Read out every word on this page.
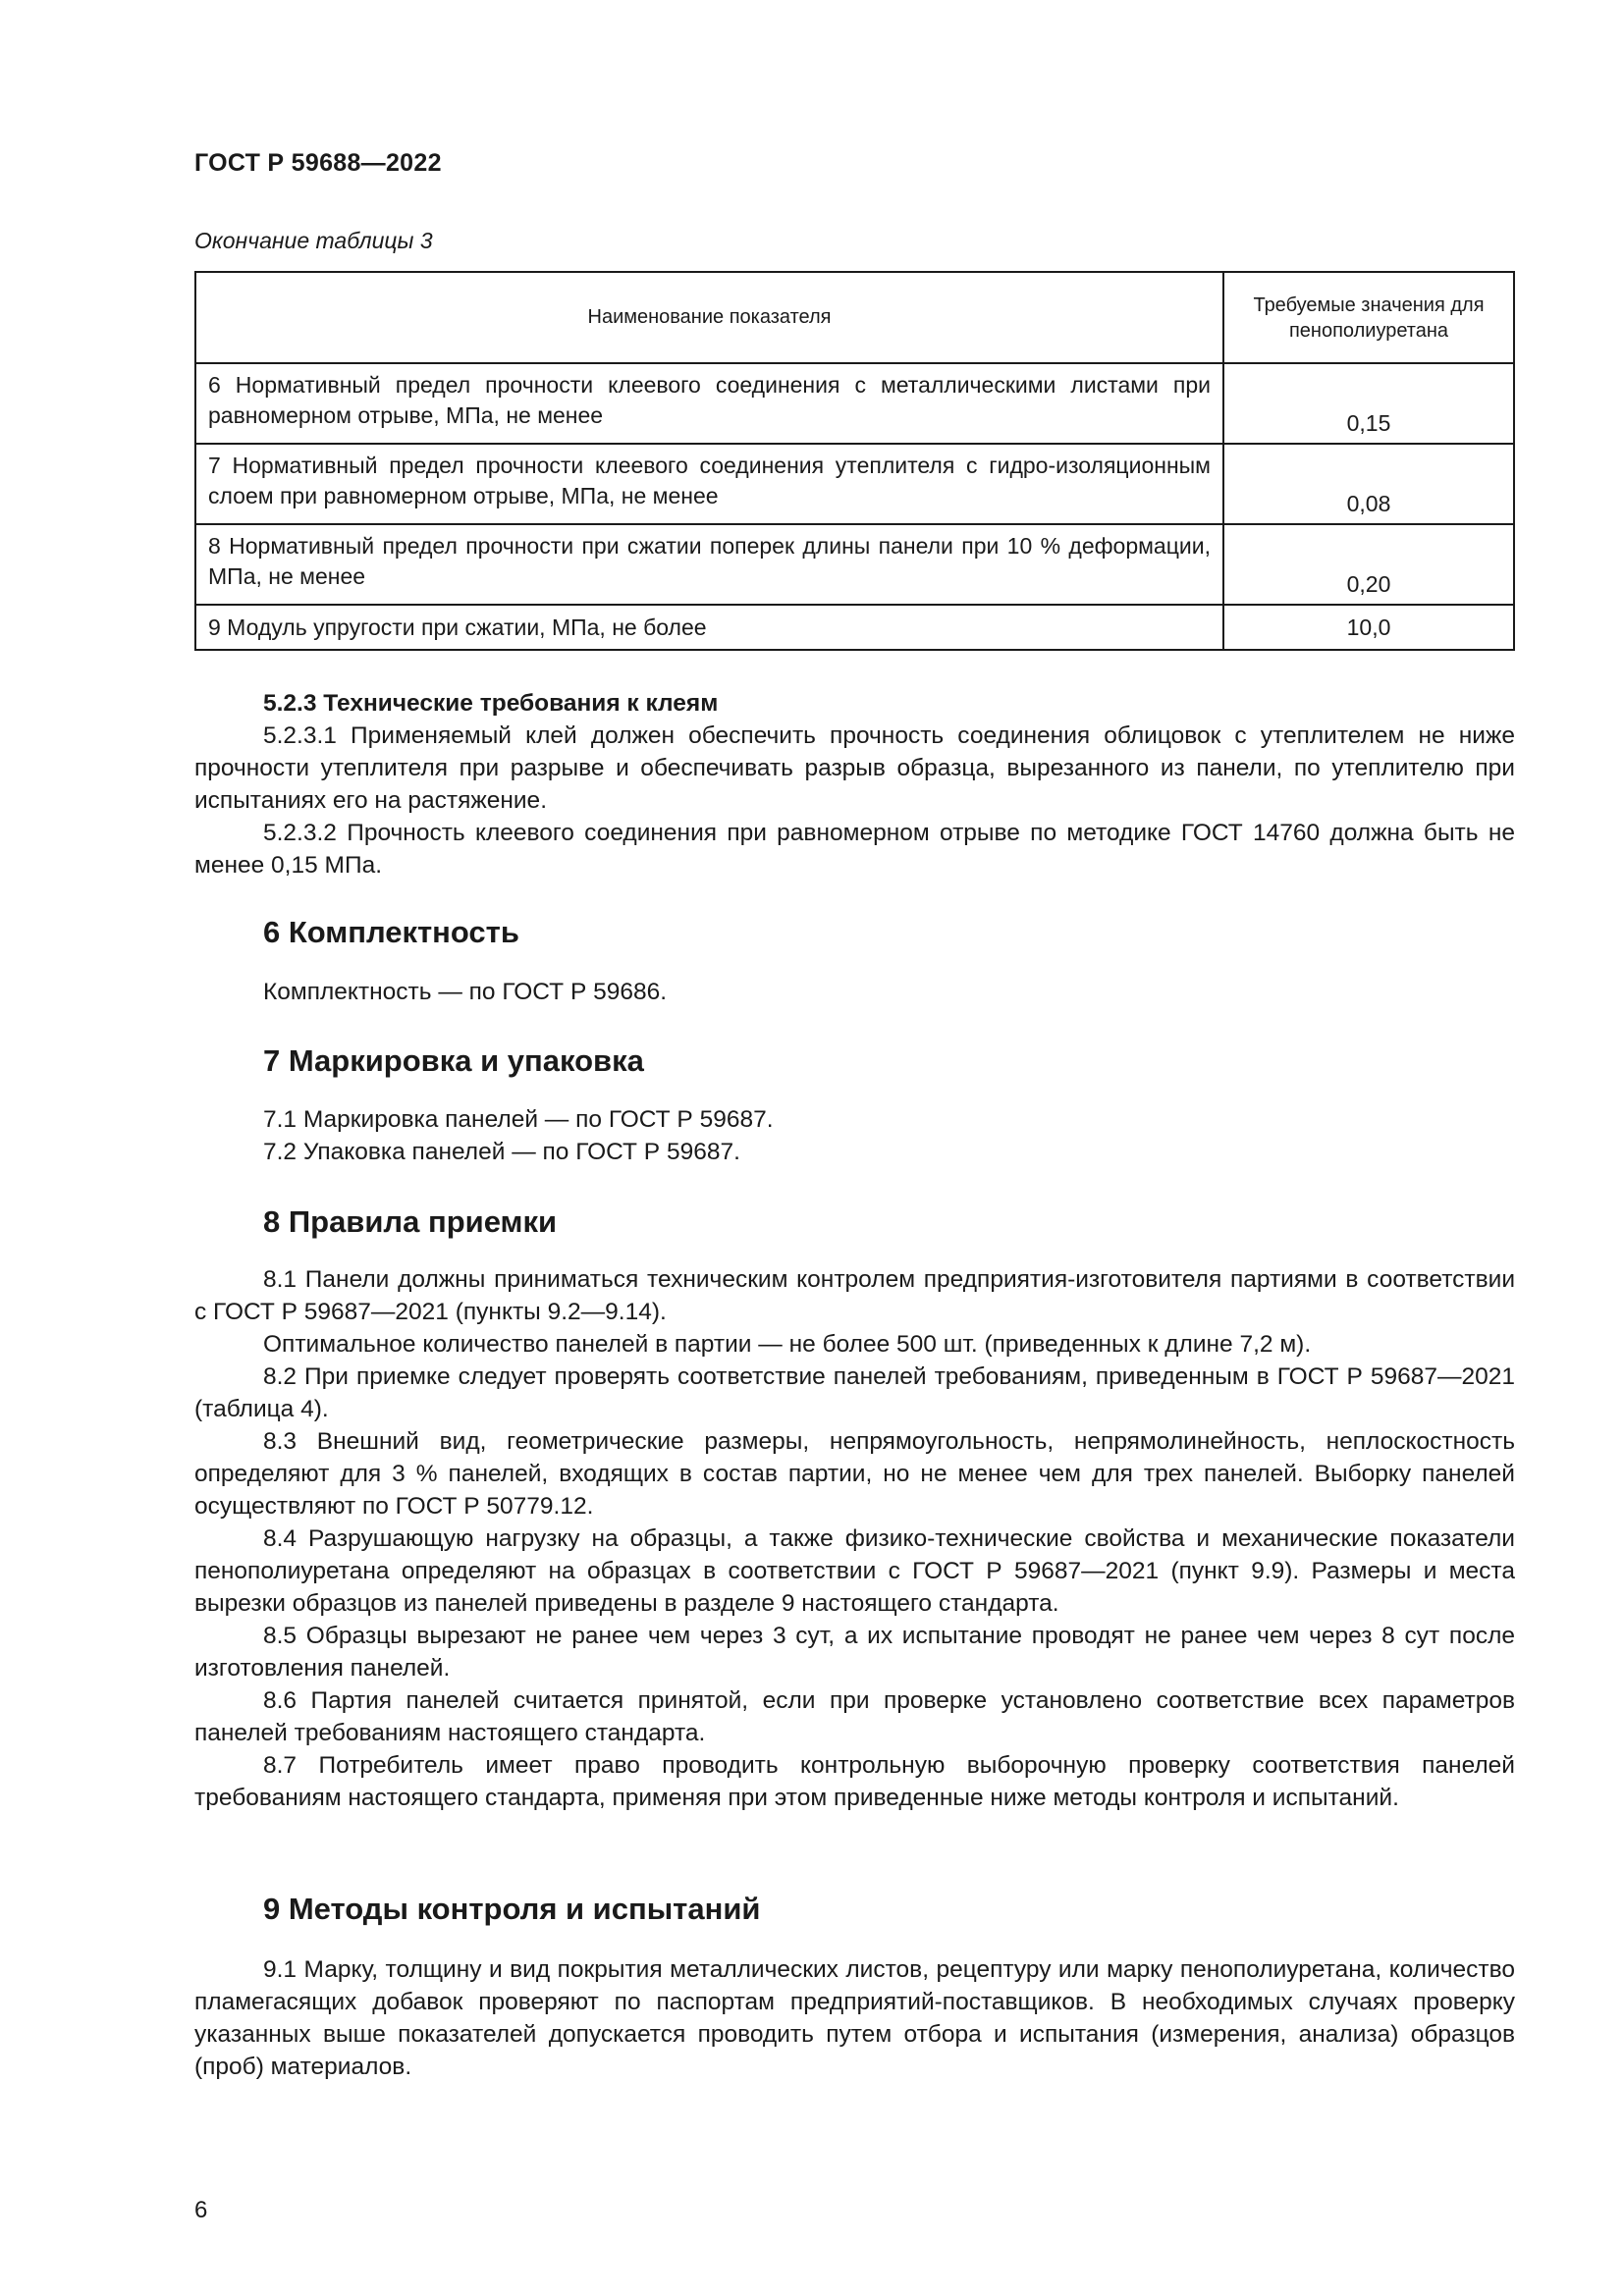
ГОСТ Р 59688—2022
Окончание таблицы 3
Наименование показателя	Требуемые значения для пенополиуретана
6 Нормативный предел прочности клеевого соединения с металлическими листами при равномерном отрыве, МПа, не менее	0,15
7 Нормативный предел прочности клеевого соединения утеплителя с гидро-изоляционным слоем при равномерном отрыве, МПа, не менее	0,08
8 Нормативный предел прочности при сжатии поперек длины панели при 10 % деформации, МПа, не менее	0,20
9 Модуль упругости при сжатии, МПа, не более	10,0

5.2.3 Технические требования к клеям

5.2.3.1 Применяемый клей должен обеспечить прочность соединения облицовок с утеплителем не ниже прочности утеплителя при разрыве и обеспечивать разрыв образца, вырезанного из панели, по утеплителю при испытаниях его на растяжение.

5.2.3.2 Прочность клеевого соединения при равномерном отрыве по методике ГОСТ 14760 должна быть не менее 0,15 МПа.

6 Комплектность

Комплектность — по ГОСТ Р 59686.

7 Маркировка и упаковка

7.1 Маркировка панелей — по ГОСТ Р 59687.

7.2 Упаковка панелей — по ГОСТ Р 59687.

8 Правила приемки

8.1 Панели должны приниматься техническим контролем предприятия-изготовителя партиями в соответствии с ГОСТ Р 59687—2021 (пункты 9.2—9.14).

Оптимальное количество панелей в партии — не более 500 шт. (приведенных к длине 7,2 м).

8.2 При приемке следует проверять соответствие панелей требованиям, приведенным в ГОСТ Р 59687—2021 (таблица 4).

8.3 Внешний вид, геометрические размеры, непрямоугольность, непрямолинейность, неплоскостность определяют для 3 % панелей, входящих в состав партии, но не менее чем для трех панелей. Выборку панелей осуществляют по ГОСТ Р 50779.12.

8.4 Разрушающую нагрузку на образцы, а также физико-технические свойства и механические показатели пенополиуретана определяют на образцах в соответствии с ГОСТ Р 59687—2021 (пункт 9.9). Размеры и места вырезки образцов из панелей приведены в разделе 9 настоящего стандарта.

8.5 Образцы вырезают не ранее чем через 3 сут, а их испытание проводят не ранее чем через 8 сут после изготовления панелей.

8.6 Партия панелей считается принятой, если при проверке установлено соответствие всех параметров панелей требованиям настоящего стандарта.

8.7 Потребитель имеет право проводить контрольную выборочную проверку соответствия панелей требованиям настоящего стандарта, применяя при этом приведенные ниже методы контроля и испытаний.

9 Методы контроля и испытаний

9.1 Марку, толщину и вид покрытия металлических листов, рецептуру или марку пенополиуретана, количество пламегасящих добавок проверяют по паспортам предприятий-поставщиков. В необходимых случаях проверку указанных выше показателей допускается проводить путем отбора и испытания (измерения, анализа) образцов (проб) материалов.

6
